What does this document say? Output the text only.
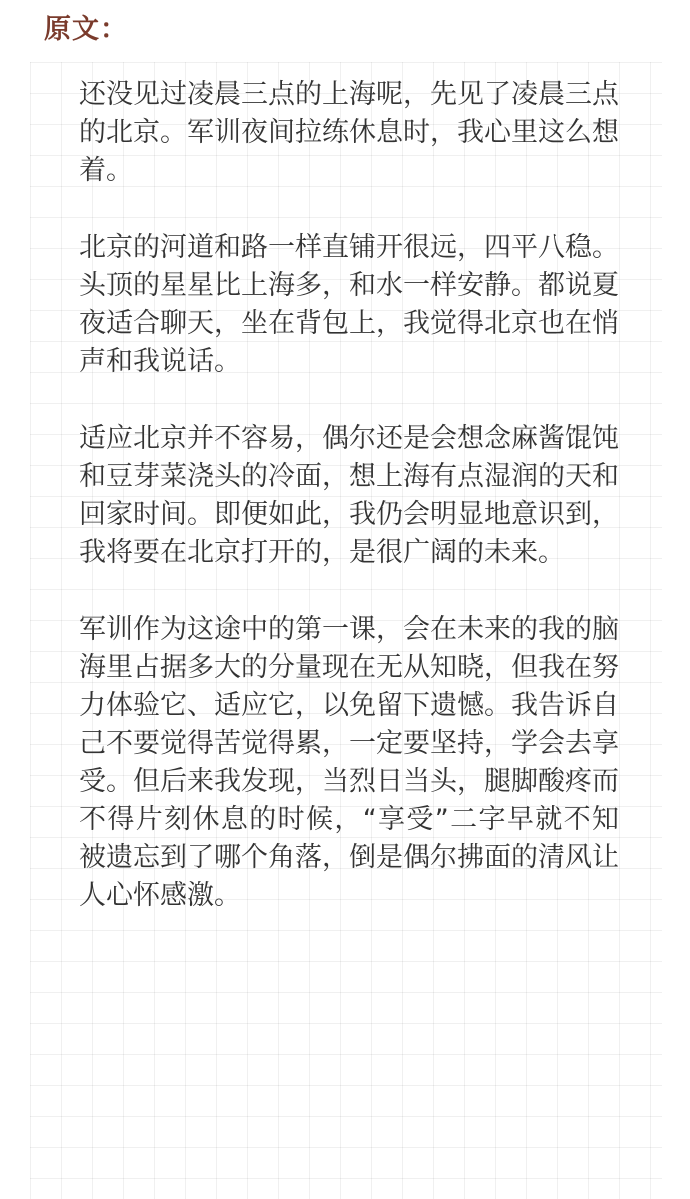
原文：

还没见过凌晨三点的上海呢，先见了凌晨三点的北京。军训夜间拉练休息时，我心里这么想着。

北京的河道和路一样直铺开很远，四平八稳。头顶的星星比上海多，和水一样安静。都说夏夜适合聊天，坐在背包上，我觉得北京也在悄声和我说话。

适应北京并不容易，偶尔还是会想念麻酱馄饨和豆芽菜浇头的冷面，想上海有点湿润的天和回家时间。即便如此，我仍会明显地意识到，我将要在北京打开的，是很广阔的未来。

军训作为这途中的第一课，会在未来的我的脑海里占据多大的分量现在无从知晓，但我在努力体验它、适应它，以免留下遗憾。我告诉自己不要觉得苦觉得累，一定要坚持，学会去享受。但后来我发现，当烈日当头，腿脚酸疼而不得片刻休息的时候，“享受”二字早就不知被遗忘到了哪个角落，倒是偶尔拂面的清风让人心怀感激。
